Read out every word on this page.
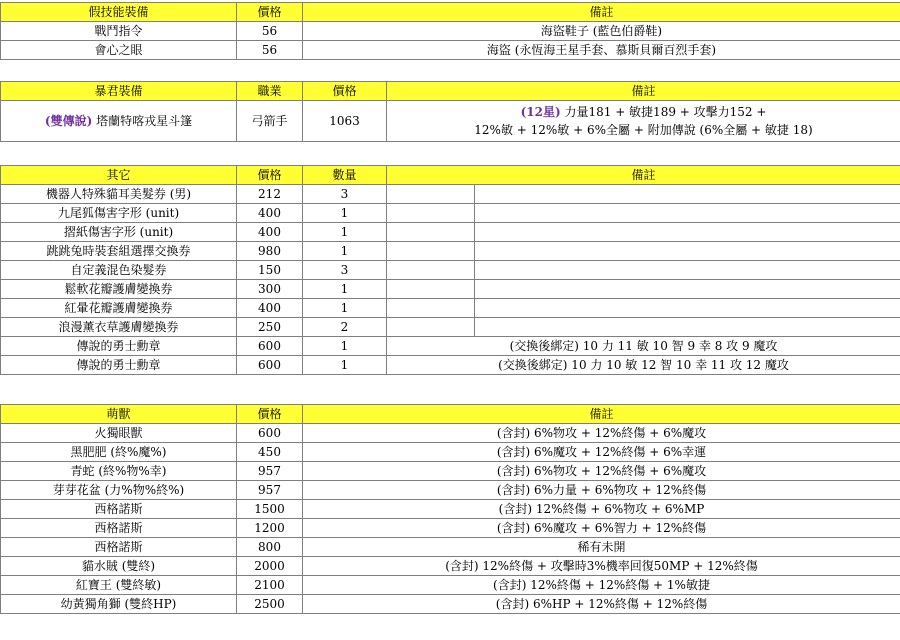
假技能裝備	價格	備註
戰鬥指令	56	海盜鞋子 (藍色伯爵鞋)
會心之眼	56	海盜 (永恆海王星手套、慕斯貝爾百烈手套)
暴君裝備	職業	價格	備註
(雙傳說) 塔蘭特喀戎星斗篷	弓箭手	1063	(12星) 力量181 + 敏捷189 + 攻擊力152 +
12%敏 + 12%敏 + 6%全屬 + 附加傳說 (6%全屬 + 敏捷 18)
其它	價格	數量	備註	
機器人特殊貓耳美髮券 (男)	212	3		
九尾狐傷害字形 (unit)	400	1		
摺紙傷害字形 (unit)	400	1		
跳跳兔時裝套組選擇交換券	980	1		
自定義混色染髮券	150	3		
鬆軟花瓣護膚變換券	300	1		
紅暈花瓣護膚變換券	400	1		
浪漫薰衣草護膚變換券	250	2		
傳說的勇士勳章	600	1	(交換後綁定) 10 力 11 敏 10 智 9 幸 8 攻 9 魔攻	
傳說的勇士勳章	600	1	(交換後綁定) 10 力 10 敏 12 智 10 幸 11 攻 12 魔攻	
萌獸	價格	備註
火獨眼獸	600	(含封) 6%物攻 + 12%終傷 + 6%魔攻
黑肥肥 (終%魔%)	450	(含封) 6%魔攻 + 12%終傷 + 6%幸運
青蛇 (終%物%幸)	957	(含封) 6%物攻 + 12%終傷 + 6%魔攻
芽芽花盆 (力%物%終%)	957	(含封) 6%力量 + 6%物攻 + 12%終傷
西格諾斯	1500	(含封) 12%終傷 + 6%物攻 + 6%MP
西格諾斯	1200	(含封) 6%魔攻 + 6%智力 + 12%終傷
西格諾斯	800	稀有未開
貓水賊 (雙終)	2000	(含封) 12%終傷 + 攻擊時3%機率回復50MP + 12%終傷
紅寶王 (雙終敏)	2100	(含封) 12%終傷 + 12%終傷 + 1%敏捷
幼黃獨角獅 (雙終HP)	2500	(含封) 6%HP + 12%終傷 + 12%終傷
